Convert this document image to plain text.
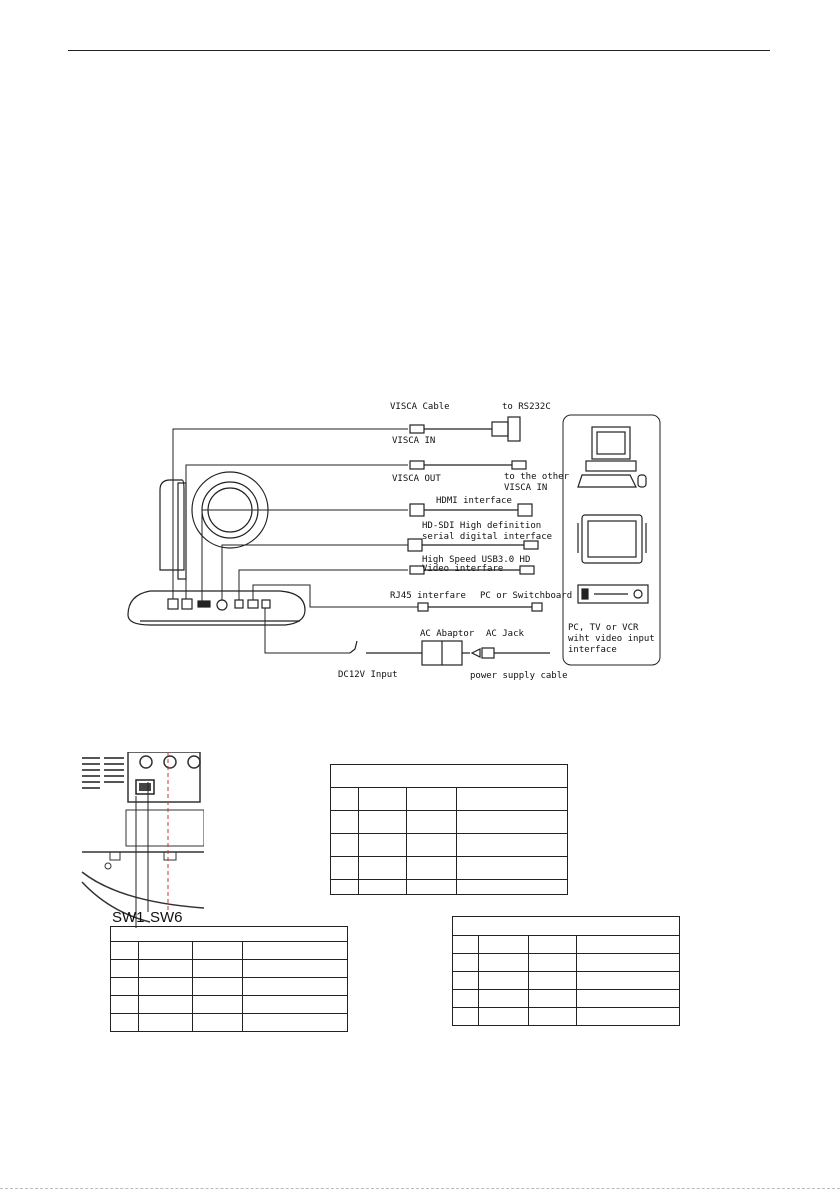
PC, TV or VCR
wiht video input
interface
VISCA Cable	to RS232C
VISCA IN
VISCA OUT	to the other
VISCA IN
HDMI interface
HD-SDI High definition
serial digital interface
High Speed USB3.0 HD
Video interfare
RJ45 interfare PC or Switchboard
AC Abaptor AC Jack
DC12V Input	power supply cable
SW1 SW6
